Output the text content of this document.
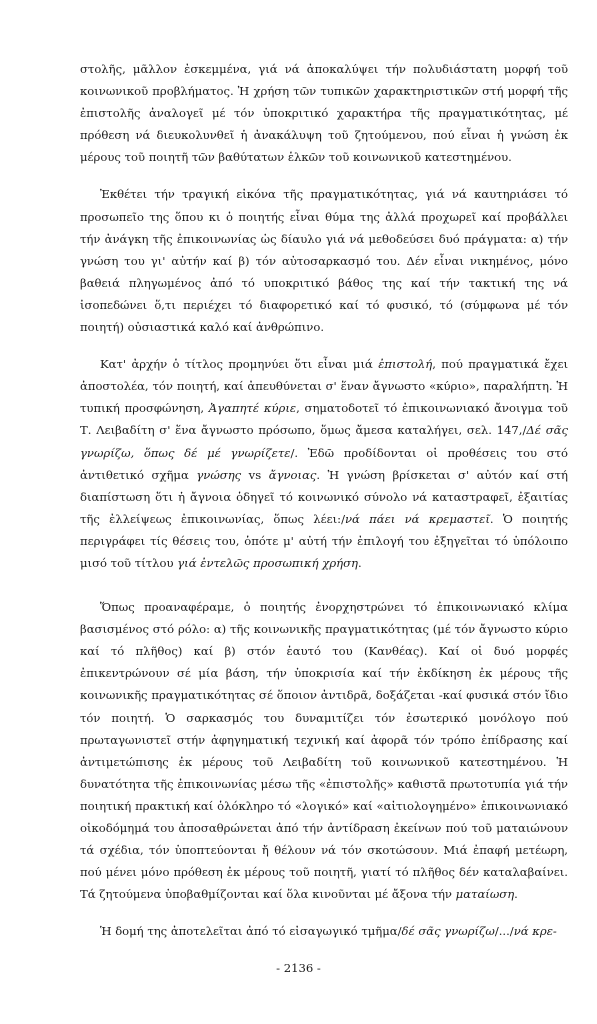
στολῆς, μᾶλλον ἐσκεμμένα, γιά νά ἀποκαλύψει τήν πολυδιάστατη μορφή τοῦ κοινωνικοῦ προβλήματος. Ἡ χρήση τῶν τυπικῶν χαρακτηριστικῶν στή μορφή τῆς ἐπιστολῆς ἀναλογεῖ μέ τόν ὑποκριτικό χαρακτήρα τῆς πραγματικότητας, μέ πρόθεση νά διευκολυνθεῖ ἡ ἀνακάλυψη τοῦ ζητούμενου, πού εἶναι ἡ γνώση ἐκ μέρους τοῦ ποιητῆ τῶν βαθύτατων ἑλκῶν τοῦ κοινωνικοῦ κατεστημένου.

Ἐκθέτει τήν τραγική εἰκόνα τῆς πραγματικότητας, γιά νά καυτηριάσει τό προσωπεῖο της ὅπου κι ὁ ποιητής εἶναι θύμα της ἀλλά προχωρεῖ καί προβάλλει τήν ἀνάγκη τῆς ἐπικοινωνίας ὡς δίαυλο γιά νά μεθοδεύσει δυό πράγματα: α) τήν γνώση του γι' αὐτήν καί β) τόν αὐτοσαρκασμό του. Δέν εἶναι νικημένος, μόνο βαθειά πληγωμένος ἀπό τό υποκριτικό βάθος της καί τήν τακτική της νά ἰσοπεδώνει ὅ,τι περιέχει τό διαφορετικό καί τό φυσικό, τό (σύμφωνα μέ τόν ποιητή) οὐσιαστικά καλό καί ἀνθρώπινο.

Κατ' ἀρχήν ὁ τίτλος προμηνύει ὅτι εἶναι μιά ἐπιστολή, πού πραγματικά ἔχει ἀποστολέα, τόν ποιητή, καί ἀπευθύνεται σ' ἕναν ἄγνωστο «κύριο», παραλήπτη. Ἡ τυπική προσφώνηση, Ἀγαπητέ κύριε, σηματοδοτεῖ τό ἐπικοινωνιακό ἄνοιγμα τοῦ Τ. Λειβαδίτη σ' ἕνα ἄγνωστο πρόσωπο, ὅμως ἄμεσα καταλήγει, σελ. 147,/Δέ σᾶς γνωρίζω, ὅπως δέ μέ γνωρίζετε/. Ἐδῶ προδίδονται οἱ προθέσεις του στό ἀντιθετικό σχῆμα γνώσης vs ἄγνοιας. Ἡ γνώση βρίσκεται σ' αὐτόν καί στή διαπίστωση ὅτι ἡ ἄγνοια ὁδηγεῖ τό κοινωνικό σύνολο νά καταστραφεῖ, ἐξαιτίας τῆς ἐλλείψεως ἐπικοινωνίας, ὅπως λέει:/νά πάει νά κρεμαστεῖ. Ὁ ποιητής περιγράφει τίς θέσεις του, ὁπότε μ' αὐτή τήν ἐπιλογή του ἐξηγεῖται τό ὑπόλοιπο μισό τοῦ τίτλου γιά ἐντελῶς προσωπική χρήση.

Ὅπως προαναφέραμε, ὁ ποιητής ἐνορχηστρώνει τό ἐπικοινωνιακό κλίμα βασισμένος στό ρόλο: α) τῆς κοινωνικῆς πραγματικότητας (μέ τόν ἄγνωστο κύριο καί τό πλῆθος) καί β) στόν ἑαυτό του (Κανθέας). Καί οἱ δυό μορφές ἐπικεντρώνουν σέ μία βάση, τήν ὑποκρισία καί τήν ἐκδίκηση ἐκ μέρους τῆς κοινωνικῆς πραγματικότητας σέ ὅποιον ἀντιδρᾶ, δοξάζεται -καί φυσικά στόν ἴδιο τόν ποιητή. Ὁ σαρκασμός του δυναμιτίζει τόν ἐσωτερικό μονόλογο πού πρωταγωνιστεῖ στήν ἀφηγηματική τεχνική καί ἀφορᾶ τόν τρόπο ἐπίδρασης καί ἀντιμετώπισης ἐκ μέρους τοῦ Λειβαδίτη τοῦ κοινωνικοῦ κατεστημένου. Ἡ δυνατότητα τῆς ἐπικοινωνίας μέσω τῆς «ἐπιστολῆς» καθιστᾶ πρωτοτυπία γιά τήν ποιητική πρακτική καί ὁλόκληρο τό «λογικό» καί «αἰτιολογημένο» ἐπικοινωνιακό οἰκοδόμημά του ἀποσαθρώνεται ἀπό τήν ἀντίδραση ἐκείνων πού τοῦ ματαιώνουν τά σχέδια, τόν ὑποπτεύονται ἤ θέλουν νά τόν σκοτώσουν. Μιά ἐπαφή μετέωρη, πού μένει μόνο πρόθεση ἐκ μέρους τοῦ ποιητῆ, γιατί τό πλῆθος δέν καταλαβαίνει. Τά ζητούμενα ὑποβαθμίζονται καί ὅλα κινοῦνται μέ ἄξονα τήν ματαίωση.

Ἡ δομή της ἀποτελεῖται ἀπό τό εἰσαγωγικό τμῆμα/δέ σᾶς γνωρίζω/.../νά κρε-

- 2136 -
